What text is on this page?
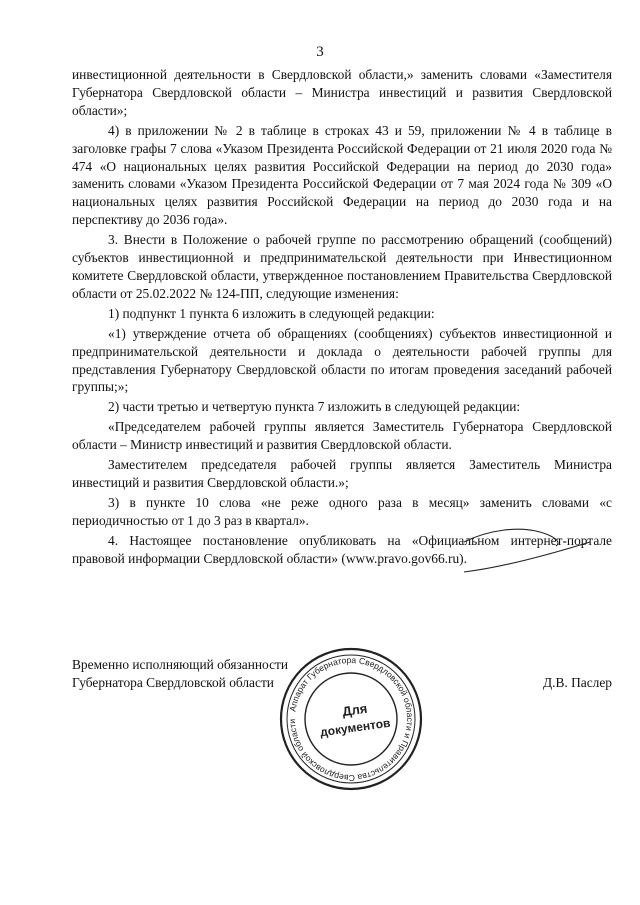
3

инвестиционной деятельности в Свердловской области,» заменить словами «Заместителя Губернатора Свердловской области – Министра инвестиций и развития Свердловской области»;

4) в приложении № 2 в таблице в строках 43 и 59, приложении № 4 в таблице в заголовке графы 7 слова «Указом Президента Российской Федерации от 21 июля 2020 года № 474 «О национальных целях развития Российской Федерации на период до 2030 года» заменить словами «Указом Президента Российской Федерации от 7 мая 2024 года № 309 «О национальных целях развития Российской Федерации на период до 2030 года и на перспективу до 2036 года».

3. Внести в Положение о рабочей группе по рассмотрению обращений (сообщений) субъектов инвестиционной и предпринимательской деятельности при Инвестиционном комитете Свердловской области, утвержденное постановлением Правительства Свердловской области от 25.02.2022 № 124-ПП, следующие изменения:

1) подпункт 1 пункта 6 изложить в следующей редакции:

«1) утверждение отчета об обращениях (сообщениях) субъектов инвестиционной и предпринимательской деятельности и доклада о деятельности рабочей группы для представления Губернатору Свердловской области по итогам проведения заседаний рабочей группы;»;

2) части третью и четвертую пункта 7 изложить в следующей редакции:

«Председателем рабочей группы является Заместитель Губернатора Свердловской области – Министр инвестиций и развития Свердловской области.

Заместителем председателя рабочей группы является Заместитель Министра инвестиций и развития Свердловской области.»;

3) в пункте 10 слова «не реже одного раза в месяц» заменить словами «с периодичностью от 1 до 3 раз в квартал».

4. Настоящее постановление опубликовать на «Официальном интернет-портале правовой информации Свердловской области» (www.pravo.gov66.ru).

Временно исполняющий обязанности
Губернатора Свердловской области	Д.В. Паслер
Аппарат Губернатора Свердловской области и Правительства Свердловской области
Для
документов
